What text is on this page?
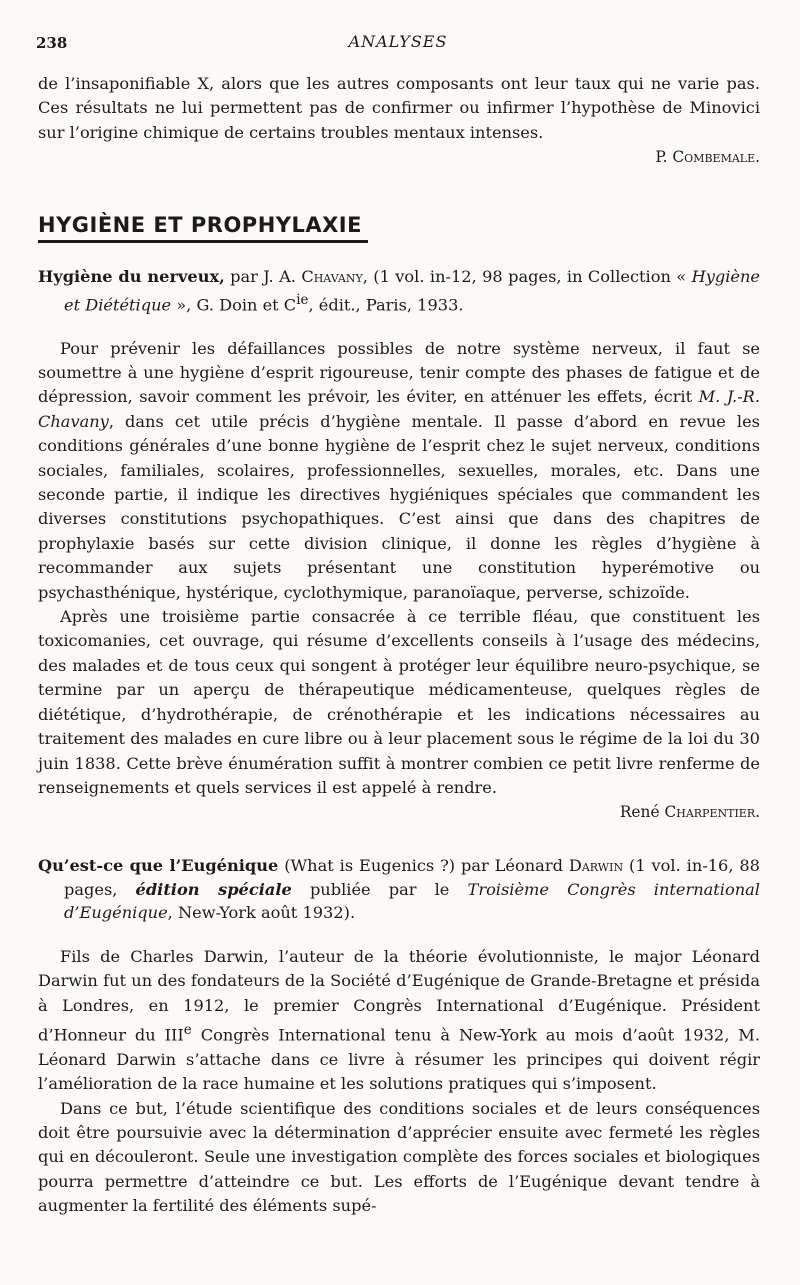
238	ANALYSES

de l’insaponifiable X, alors que les autres composants ont leur taux qui ne varie pas. Ces résultats ne lui permettent pas de confirmer ou infirmer l’hypothèse de Minovici sur l’origine chimique de certains troubles mentaux intenses.

P. Combemale.

HYGIÈNE ET PROPHYLAXIE
Hygiène du nerveux, par J. A. Chavany, (1 vol. in-12, 98 pages, in Collection « Hygiène et Diététique », G. Doin et $C^{ie}$, édit., Paris, 1933.

Pour prévenir les défaillances possibles de notre système nerveux, il faut se soumettre à une hygiène d’esprit rigoureuse, tenir compte des phases de fatigue et de dépression, savoir comment les prévoir, les éviter, en atténuer les effets, écrit M. J.-R. Chavany, dans cet utile précis d’hygiène mentale. Il passe d’abord en revue les conditions générales d’une bonne hygiène de l’esprit chez le sujet nerveux, conditions sociales, familiales, scolaires, professionnelles, sexuelles, morales, etc. Dans une seconde partie, il indique les directives hygiéniques spéciales que commandent les diverses constitutions psychopathiques. C’est ainsi que dans des chapitres de prophylaxie basés sur cette division clinique, il donne les règles d’hygiène à recommander aux sujets présentant une constitution hyperémotive ou psychasthénique, hystérique, cyclothymique, paranoïaque, perverse, schizoïde.

Après une troisième partie consacrée à ce terrible fléau, que constituent les toxicomanies, cet ouvrage, qui résume d’excellents conseils à l’usage des médecins, des malades et de tous ceux qui songent à protéger leur équilibre neuro-psychique, se termine par un aperçu de thérapeutique médicamenteuse, quelques règles de diététique, d’hydrothérapie, de crénothérapie et les indications nécessaires au traitement des malades en cure libre ou à leur placement sous le régime de la loi du 30 juin 1838. Cette brève énumération suffit à montrer combien ce petit livre renferme de renseignements et quels services il est appelé à rendre.

René Charpentier.

Qu’est-ce que l’Eugénique (What is Eugenics ?) par Léonard Darwin (1 vol. in-16, 88 pages, édition spéciale publiée par le Troisième Congrès international d’Eugénique, New-York août 1932).

Fils de Charles Darwin, l’auteur de la théorie évolutionniste, le major Léonard Darwin fut un des fondateurs de la Société d’Eugénique de Grande-Bretagne et présida à Londres, en 1912, le premier Congrès International d’Eugénique. Président d’Honneur du IIIe Congrès International tenu à New-York au mois d’août 1932, M. Léonard Darwin s’attache dans ce livre à résumer les principes qui doivent régir l’amélioration de la race humaine et les solutions pratiques qui s’imposent.

Dans ce but, l’étude scientifique des conditions sociales et de leurs conséquences doit être poursuivie avec la détermination d’apprécier ensuite avec fermeté les règles qui en découleront. Seule une investigation complète des forces sociales et biologiques pourra permettre d’atteindre ce but. Les efforts de l’Eugénique devant tendre à augmenter la fertilité des éléments supé-
